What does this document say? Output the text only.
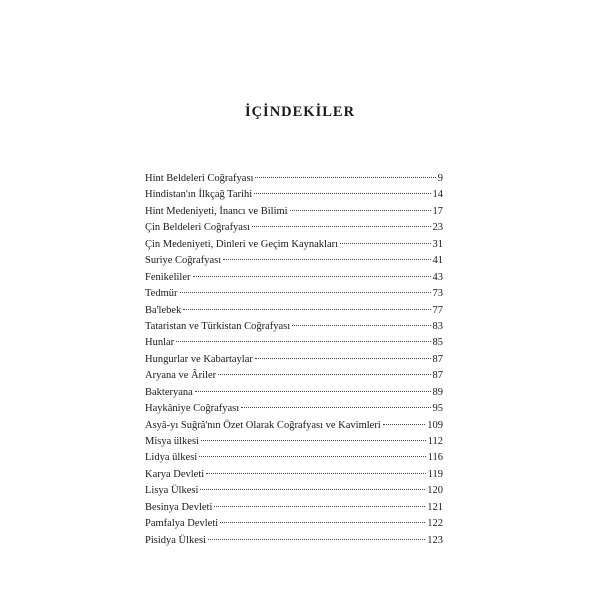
İÇİNDEKİLER
Hint Beldeleri Coğrafyası	9
Hindistan'ın İlkçağ Tarihi	14
Hint Medeniyeti, İnancı ve Bilimi	17
Çin Beldeleri Coğrafyası	23
Çin Medeniyeti, Dinleri ve Geçim Kaynakları	31
Suriye Coğrafyası	41
Fenikeliler	43
Tedmür	73
Ba'lebek	77
Tataristan ve Türkistan Coğrafyası	83
Hunlar	85
Hungurlar ve Kabartaylar	87
Aryana ve Âriler	87
Bakteryana	89
Haykâniye Coğrafyası	95
Asyâ-yı Suğrâ'nın Özet Olarak Coğrafyası ve Kavimleri	109
Misya ülkesi	112
Lidya ülkesi	116
Karya Devleti	119
Lisya Ülkesi	120
Besinya Devleti	121
Pamfalya Devleti	122
Pisidya Ülkesi	123
